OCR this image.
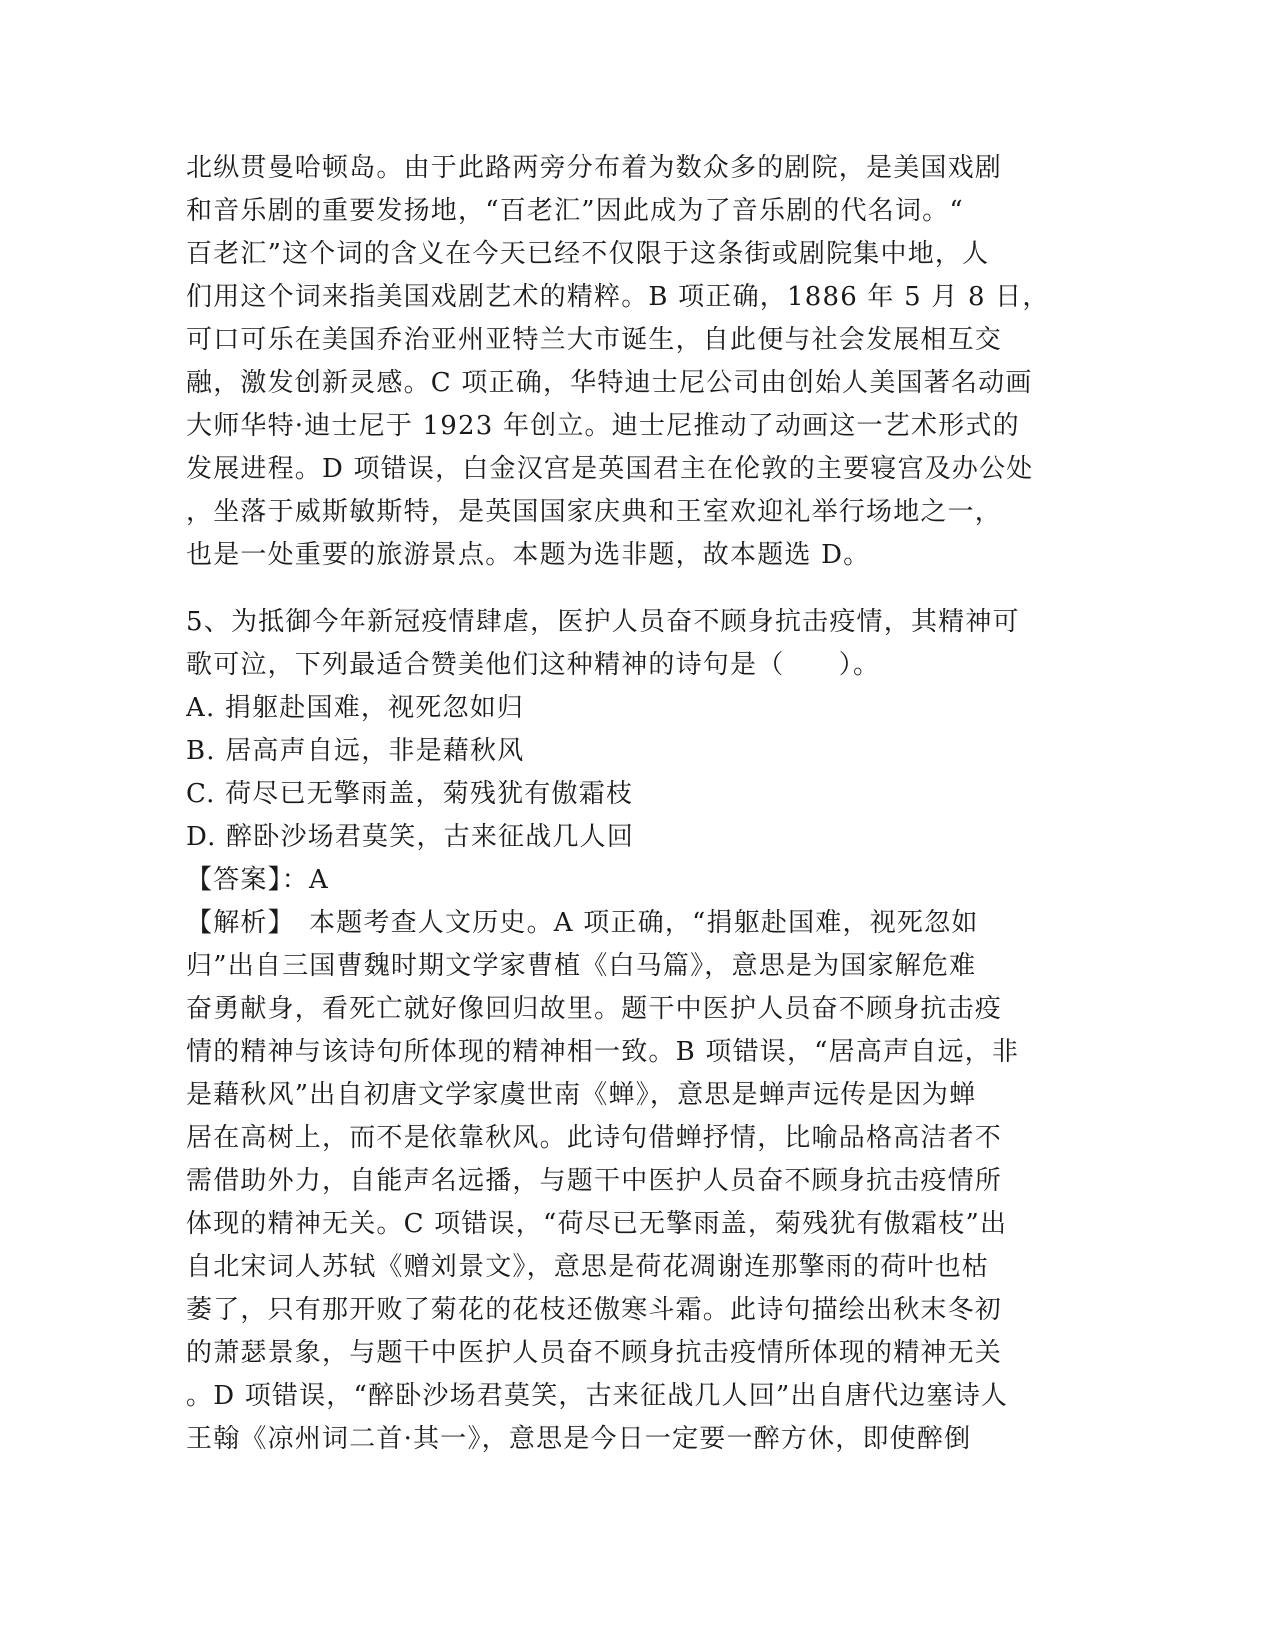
北纵贯曼哈顿岛。由于此路两旁分布着为数众多的剧院，是美国戏剧
和音乐剧的重要发扬地，“百老汇”因此成为了音乐剧的代名词。“
百老汇”这个词的含义在今天已经不仅限于这条街或剧院集中地，人
们用这个词来指美国戏剧艺术的精粹。B 项正确，1886 年 5 月 8 日，
可口可乐在美国乔治亚州亚特兰大市诞生，自此便与社会发展相互交
融，激发创新灵感。C 项正确，华特迪士尼公司由创始人美国著名动画
大师华特·迪士尼于 1923 年创立。迪士尼推动了动画这一艺术形式的
发展进程。D 项错误，白金汉宫是英国君主在伦敦的主要寝宫及办公处
，坐落于威斯敏斯特，是英国国家庆典和王室欢迎礼举行场地之一，
也是一处重要的旅游景点。本题为选非题，故本题选 D。
5、为抵御今年新冠疫情肆虐，医护人员奋不顾身抗击疫情，其精神可
歌可泣，下列最适合赞美他们这种精神的诗句是（　　）。
A. 捐躯赴国难，视死忽如归
B. 居高声自远，非是藉秋风
C. 荷尽已无擎雨盖，菊残犹有傲霜枝
D. 醉卧沙场君莫笑，古来征战几人回
【答案】：A
【解析】　本题考查人文历史。A 项正确，“捐躯赴国难，视死忽如
归”出自三国曹魏时期文学家曹植《白马篇》，意思是为国家解危难
奋勇献身，看死亡就好像回归故里。题干中医护人员奋不顾身抗击疫
情的精神与该诗句所体现的精神相一致。B 项错误，“居高声自远，非
是藉秋风”出自初唐文学家虞世南《蝉》，意思是蝉声远传是因为蝉
居在高树上，而不是依靠秋风。此诗句借蝉抒情，比喻品格高洁者不
需借助外力，自能声名远播，与题干中医护人员奋不顾身抗击疫情所
体现的精神无关。C 项错误，“荷尽已无擎雨盖，菊残犹有傲霜枝”出
自北宋词人苏轼《赠刘景文》，意思是荷花凋谢连那擎雨的荷叶也枯
萎了，只有那开败了菊花的花枝还傲寒斗霜。此诗句描绘出秋末冬初
的萧瑟景象，与题干中医护人员奋不顾身抗击疫情所体现的精神无关
。D 项错误，“醉卧沙场君莫笑，古来征战几人回”出自唐代边塞诗人
王翰《凉州词二首·其一》，意思是今日一定要一醉方休，即使醉倒
